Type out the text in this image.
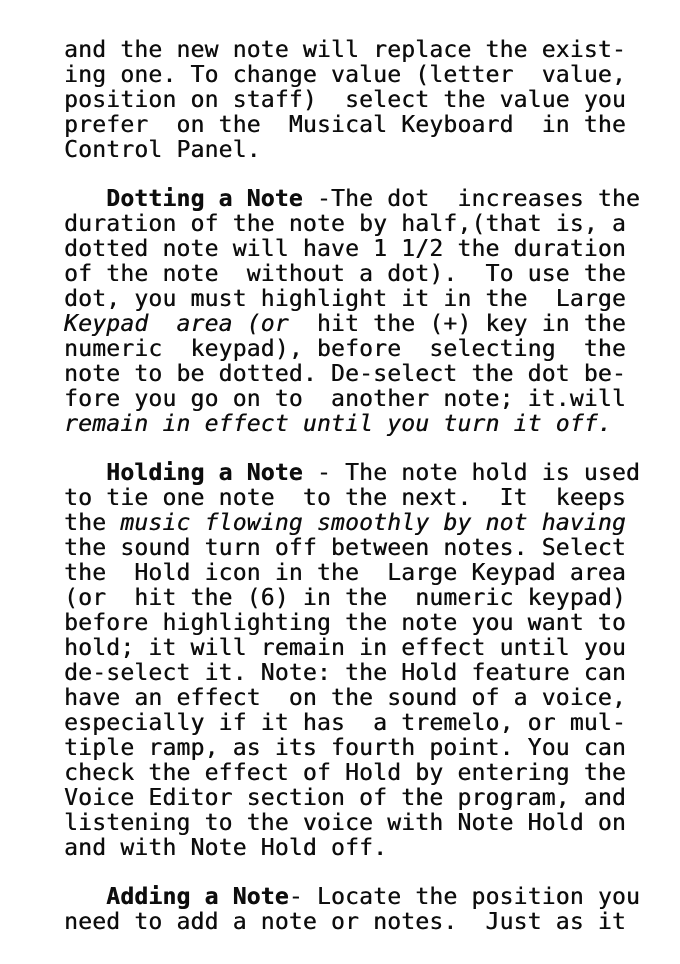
and the new note will replace the exist-
ing one. To change value (letter  value,
position on staff)  select the value you
prefer  on the  Musical Keyboard  in the
Control Panel.
Dotting a Note -The dot  increases the
duration of the note by half,(that is, a
dotted note will have 1 1/2 the duration
of the note  without a dot).  To use the
dot, you must highlight it in the  Large
Keypad  area (or  hit the (+) key in the
numeric  keypad), before  selecting  the
note to be dotted. De-select the dot be-
fore you go on to  another note; it.will
remain in effect until you turn it off.
Holding a Note - The note hold is used
to tie one note  to the next.  It  keeps
the music flowing smoothly by not having
the sound turn off between notes. Select
the  Hold icon in the  Large Keypad area
(or  hit the (6) in the  numeric keypad)
before highlighting the note you want to
hold; it will remain in effect until you
de-select it. Note: the Hold feature can
have an effect  on the sound of a voice,
especially if it has  a tremelo, or mul-
tiple ramp, as its fourth point. You can
check the effect of Hold by entering the
Voice Editor section of the program, and
listening to the voice with Note Hold on
and with Note Hold off.
Adding a Note- Locate the position you
need to add a note or notes.  Just as it
